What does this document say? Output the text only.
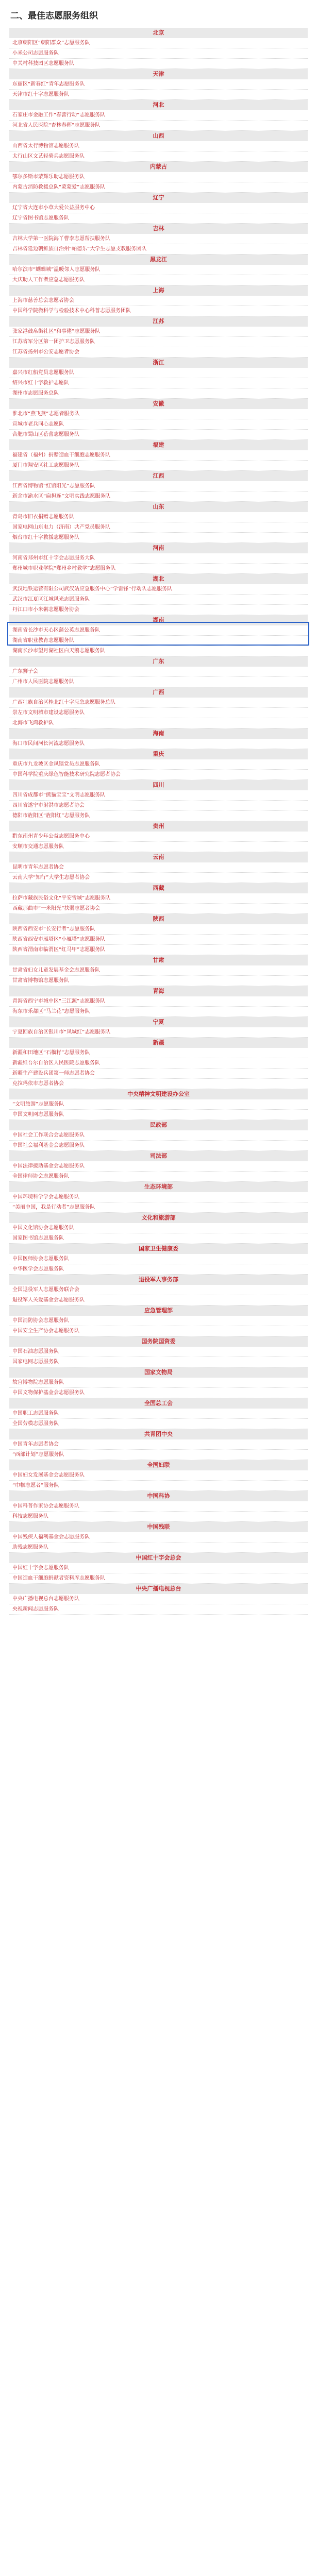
二、最佳志愿服务组织
北京
北京朝阳区“朝阳群众”志愿服务队
小米公司志愿服务队
中关村科技园区志愿服务队
天津
东丽区“新春红”青年志愿服务队
天津市红十字志愿服务队
河北
石家庄市金融工作“春蕾行动”志愿服务队
河北省人民医院“杏林春晖”志愿服务队
山西
山西省太行博物馆志愿服务队
太行山区文艺轻骑兵志愿服务队
内蒙古
鄂尔多斯市蒙辉乐助志愿服务队
内蒙古消防救援总队“蒙蒙爱”志愿服务队
辽宁
辽宁省大连市小草大爱公益服务中心
辽宁省图书馆志愿服务队
吉林
吉林大学第一医院海丫曹李志愿帮扶服务队
吉林省延边朝鲜族自治州“帕德乐”大学生志愿支教服务团队
黑龙江
哈尔滨市“蝴蝶城”温暖邻人志愿服务队
大庆助人工作者应急志愿服务队
上海
上海市慈善总会志愿者协会
中国科学院微科学与检验技术中心科普志愿服务团队
江苏
张家港鼓帛街社区“和事佬”志愿服务队
江苏省军分区第一团护卫志愿服务队
江苏省扬州市公安志愿者协会
浙江
嘉兴市红船党员志愿服务队
绍兴市红十字救护志愿队
湖州市志愿服务总队
安徽
淮北市“燕飞燕”志愿者服务队
宣城市老兵同心志愿队
合肥市蜀山区蓓蕾志愿服务队
福建
福建省（福州）捐赠造血干细胞志愿服务队
厦门市翔安区社工志愿服务队
江西
江西省博物馆“红馆阳光”志愿服务队
新余市渝水区“扁担连”文明实践志愿服务队
山东
青岛市旧衣捐赠志愿服务队
国家电网山东电力（济南）共产党员服务队
烟台市红十字救援志愿服务队
河南
河南省郑州市红十字会志愿服务大队
郑州城市职业学院“郑州乡村教学”志愿服务队
湖北
武汉地铁运营有限公司武汉站应急服务中心“学雷锋”行动队志愿服务队
武汉市江夏区江城风光志愿服务队
丹江口市小米粥志愿服务协会
湖南
湖南省长沙市天心区蒲公英志愿服务队
湖南省职业教育志愿服务队
湖南长沙市望月湖社区白天鹅志愿服务队
广东
广东狮子会
广州市人民医院志愿服务队
广西
广西壮族自治区桂北红十字应急志愿服务总队
崇左市文明城市建设志愿服务队
北海市飞鸿救护队
海南
海口市民间河长河流志愿服务队
重庆
重庆市九龙坡区金凤镇党员志愿服务队
中国科学院重庆绿色智能技术研究院志愿者协会
四川
四川省成都市“熊猫宝宝”文明志愿服务队
四川省遂宁市射洪市志愿者协会
德阳市旌阳区“旌阳红”志愿服务队
贵州
黔东南州青少年公益志愿服务中心
安顺市交通志愿服务队
云南
昆明市青年志愿者协会
云南大学“知行”大学生志愿者协会
西藏
拉萨市藏族民俗文化“平安雪域”志愿服务队
西藏那曲市“一米阳光”扶弱志愿者协会
陕西
陕西省西安市“长安行者”志愿服务队
陕西省西安市雁塔区“小雁塔”志愿服务队
陕西省渭南市临渭区“红马甲”志愿服务队
甘肃
甘肃省妇女儿童发展基金会志愿服务队
甘肃省博物馆志愿服务队
青海
青海省西宁市城中区“三江源”志愿服务队
海东市乐都区“马兰花”志愿服务队
宁夏
宁夏回族自治区银川市“凤城红”志愿服务队
新疆
新疆和田地区“石榴籽”志愿服务队
新疆维吾尔自治区人民医院志愿服务队
新疆生产建设兵团第一师志愿者协会
克拉玛依市志愿者协会
中央精神文明建设办公室
“文明旅游”志愿服务队
中国文明网志愿服务队
民政部
中国社会工作联合会志愿服务队
中国社会福利基金会志愿服务队
司法部
中国法律援助基金会志愿服务队
全国律师协会志愿服务队
生态环境部
中国环境科学学会志愿服务队
“美丽中国，我是行动者”志愿服务队
文化和旅游部
中国文化馆协会志愿服务队
国家图书馆志愿服务队
国家卫生健康委
中国医师协会志愿服务队
中华医学会志愿服务队
退役军人事务部
全国退役军人志愿服务联合会
退役军人关爱基金会志愿服务队
应急管理部
中国消防协会志愿服务队
中国安全生产协会志愿服务队
国务院国资委
中国石油志愿服务队
国家电网志愿服务队
国家文物局
故宫博物院志愿服务队
中国文物保护基金会志愿服务队
全国总工会
中国职工志愿服务队
全国劳模志愿服务队
共青团中央
中国青年志愿者协会
“西部计划”志愿服务队
全国妇联
中国妇女发展基金会志愿服务队
“巾帼志愿者”服务队
中国科协
中国科普作家协会志愿服务队
科技志愿服务队
中国残联
中国残疾人福利基金会志愿服务队
助残志愿服务队
中国红十字会总会
中国红十字会志愿服务队
中国造血干细胞捐献者资料库志愿服务队
中央广播电视总台
中央广播电视总台志愿服务队
央视新闻志愿服务队
